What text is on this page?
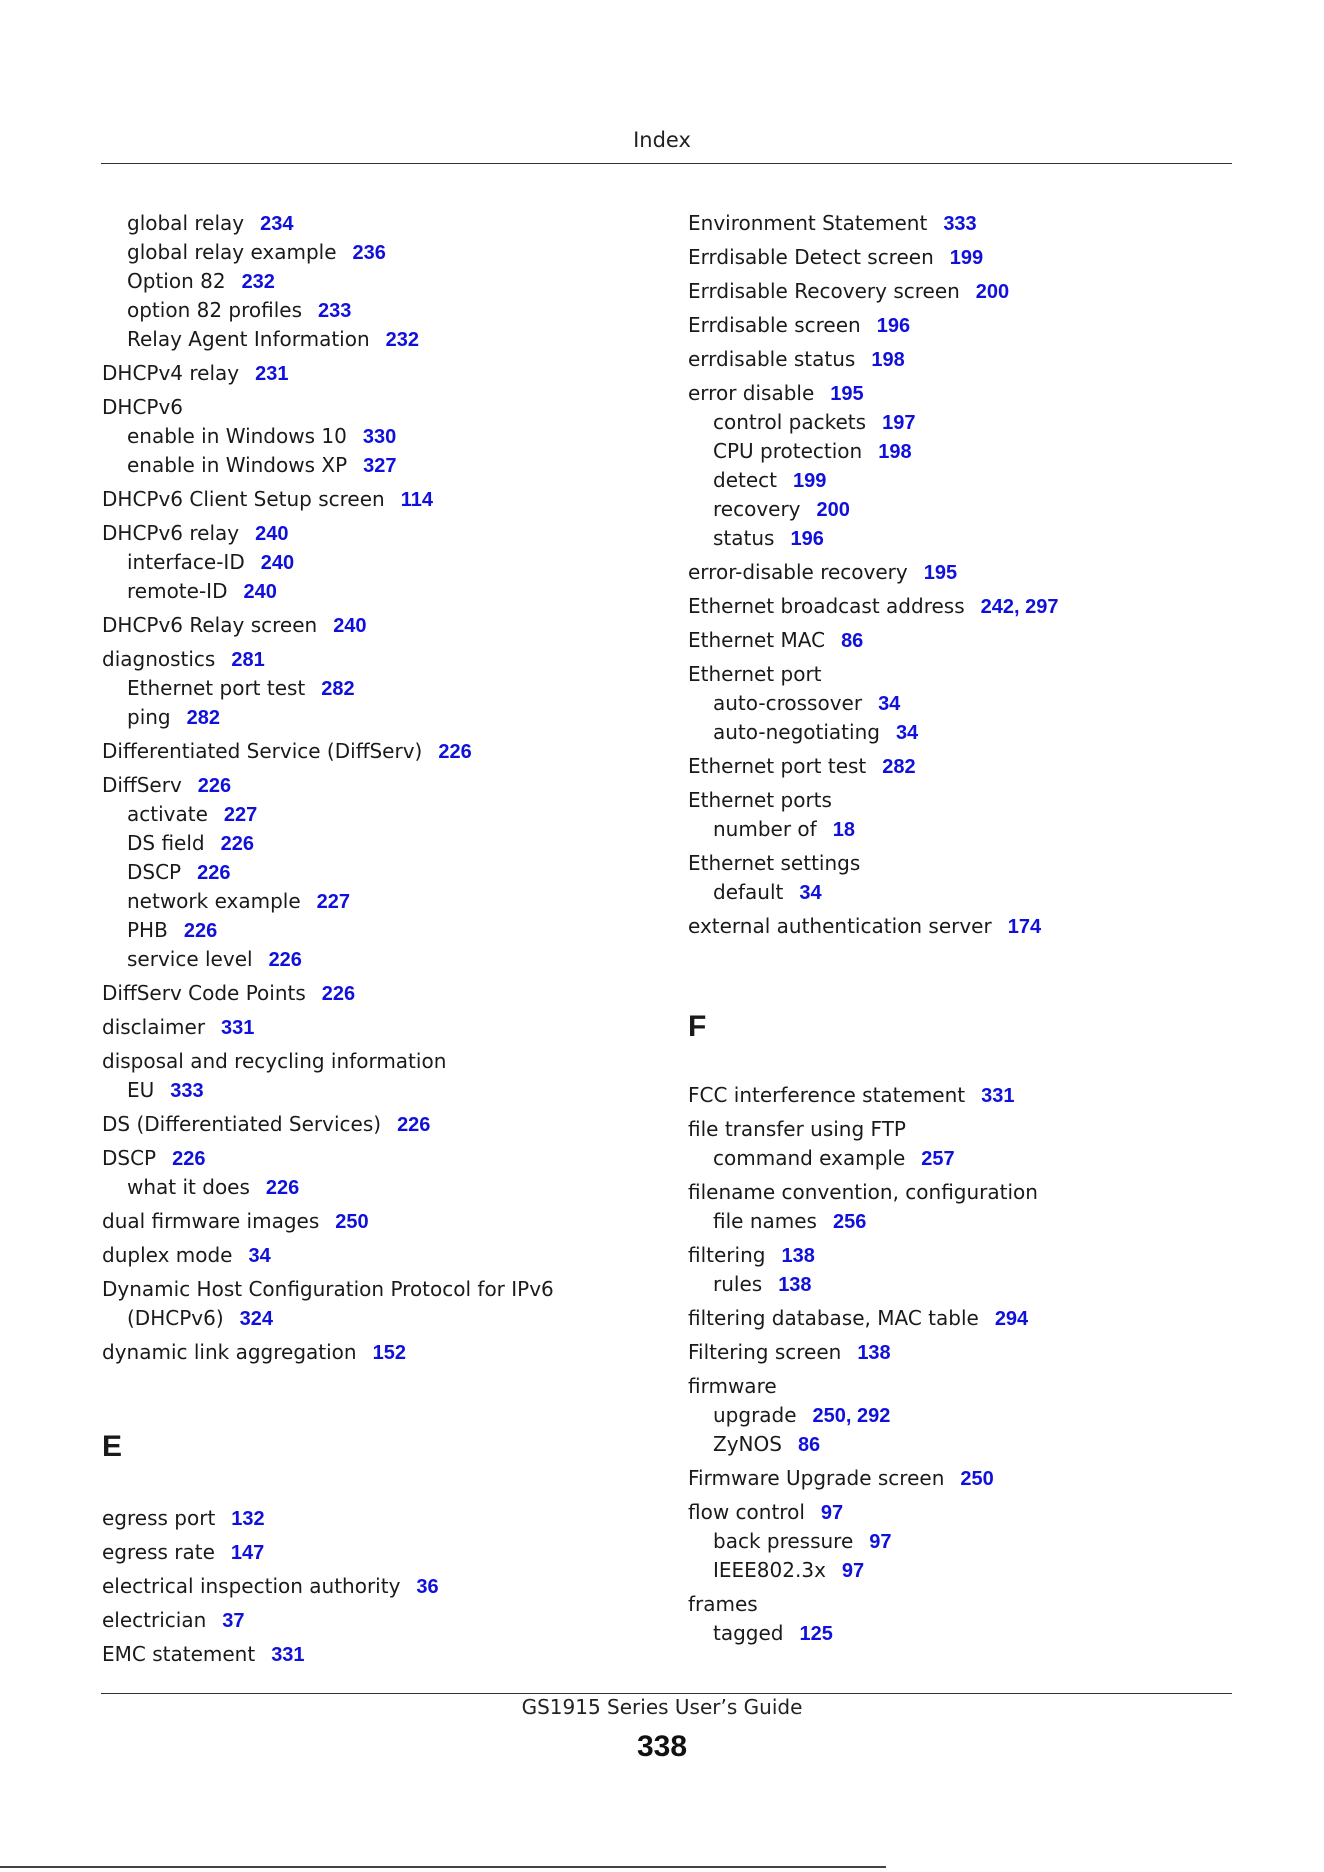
Index
global relay 234
global relay example 236
Option 82 232
option 82 profiles 233
Relay Agent Information 232
DHCPv4 relay 231
DHCPv6
enable in Windows 10 330
enable in Windows XP 327
DHCPv6 Client Setup screen 114
DHCPv6 relay 240
interface-ID 240
remote-ID 240
DHCPv6 Relay screen 240
diagnostics 281
Ethernet port test 282
ping 282
Differentiated Service (DiffServ) 226
DiffServ 226
activate 227
DS field 226
DSCP 226
network example 227
PHB 226
service level 226
DiffServ Code Points 226
disclaimer 331
disposal and recycling information
EU 333
DS (Differentiated Services) 226
DSCP 226
what it does 226
dual firmware images 250
duplex mode 34
Dynamic Host Configuration Protocol for IPv6
(DHCPv6) 324
dynamic link aggregation 152
E
egress port 132
egress rate 147
electrical inspection authority 36
electrician 37
EMC statement 331
Environment Statement 333
Errdisable Detect screen 199
Errdisable Recovery screen 200
Errdisable screen 196
errdisable status 198
error disable 195
control packets 197
CPU protection 198
detect 199
recovery 200
status 196
error-disable recovery 195
Ethernet broadcast address 242, 297
Ethernet MAC 86
Ethernet port
auto-crossover 34
auto-negotiating 34
Ethernet port test 282
Ethernet ports
number of 18
Ethernet settings
default 34
external authentication server 174
F
FCC interference statement 331
file transfer using FTP
command example 257
filename convention, configuration
file names 256
filtering 138
rules 138
filtering database, MAC table 294
Filtering screen 138
firmware
upgrade 250, 292
ZyNOS 86
Firmware Upgrade screen 250
flow control 97
back pressure 97
IEEE802.3x 97
frames
tagged 125
GS1915 Series User’s Guide
338
